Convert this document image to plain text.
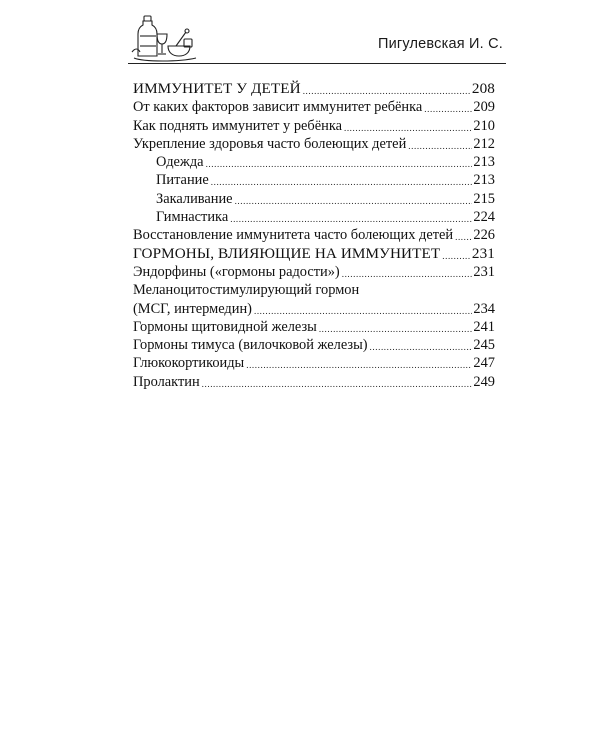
Пигулевская И. С.
ИММУНИТЕТ У ДЕТЕЙ .....	208
От каких факторов зависит иммунитет ребёнка .....	209
Как поднять иммунитет у ребёнка .....	210
Укрепление здоровья часто болеющих детей .....	212
Одежда .....	213
Питание .....	213
Закаливание .....	215
Гимнастика .....	224
Восстановление иммунитета часто болеющих детей ..... 226
ГОРМОНЫ, ВЛИЯЮЩИЕ НА ИММУНИТЕТ ..... 231
Эндорфины («гормоны радости») .....	231
Меланоцитостимулирующий гормон
(МСГ, интермедин) .....	234
Гормоны щитовидной железы .....	241
Гормоны тимуса (вилочковой железы) .....	245
Глюкокортикоиды .....	247
Пролактин .....	249
